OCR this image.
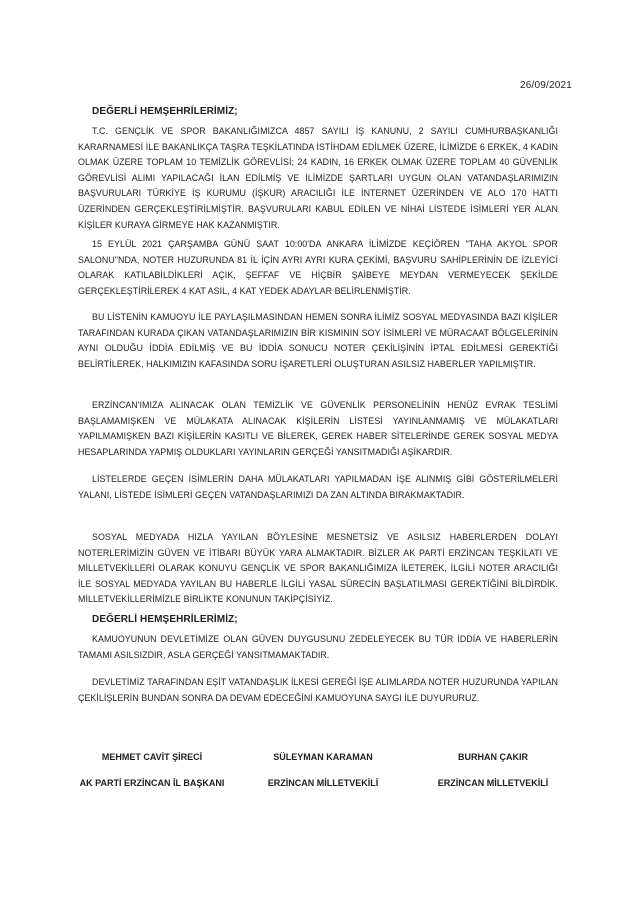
26/09/2021
DEĞERLİ HEMŞEHRİLERİMİZ;
T.C. GENÇLİK VE SPOR BAKANLIĞIMIZCA 4857 SAYILI İŞ KANUNU, 2 SAYILI CUMHURBAŞKANLIĞI KARARNAMESİ İLE BAKANLIKÇA TAŞRA TEŞKİLATINDA İSTİHDAM EDİLMEK ÜZERE, İLİMİZDE 6 ERKEK, 4 KADIN OLMAK ÜZERE TOPLAM 10 TEMİZLİK GÖREVLİSİ; 24 KADIN, 16 ERKEK OLMAK ÜZERE TOPLAM 40 GÜVENLİK GÖREVLİSİ ALIMI YAPILACAĞI İLAN EDİLMİŞ VE İLİMİZDE ŞARTLARI UYGUN OLAN VATANDAŞLARIMIZIN BAŞVURULARI TÜRKİYE İŞ KURUMU (İŞKUR) ARACILIĞI İLE İNTERNET ÜZERİNDEN VE ALO 170 HATTI ÜZERİNDEN GERÇEKLEŞTİRİLMİŞTİR. BAŞVURULARI KABUL EDİLEN VE NİHAİ LİSTEDE İSİMLERİ YER ALAN KİŞİLER KURAYA GİRMEYE HAK KAZANMIŞTIR.
15 EYLÜL 2021 ÇARŞAMBA GÜNÜ SAAT 10:00'DA ANKARA İLİMİZDE KEÇİÖREN "TAHA AKYOL SPOR SALONU"NDA, NOTER HUZURUNDA 81 İL İÇİN AYRI AYRI KURA ÇEKİMİ, BAŞVURU SAHİPLERİNİN DE İZLEYİCİ OLARAK KATILABİLDİKLERİ AÇIK, ŞEFFAF VE HİÇBİR ŞAİBEYE MEYDAN VERMEYECEK ŞEKİLDE GERÇEKLEŞTİRİLEREK 4 KAT ASIL, 4 KAT YEDEK ADAYLAR BELİRLENMİŞTİR.
BU LİSTENİN KAMUOYU İLE PAYLAŞILMASINDAN HEMEN SONRA İLİMİZ SOSYAL MEDYASINDA BAZI KİŞİLER TARAFINDAN KURADA ÇIKAN VATANDAŞLARIMIZIN BİR KISMININ SOY İSİMLERİ VE MÜRACAAT BÖLGELERİNİN AYNI OLDUĞU İDDİA EDİLMİŞ VE BU İDDİA SONUCU NOTER ÇEKİLİŞİNİN İPTAL EDİLMESİ GEREKTİĞİ BELİRTİLEREK, HALKIMIZIN KAFASINDA SORU İŞARETLERİ OLUŞTURAN ASILSIZ HABERLER YAPILMIŞTIR.
ERZİNCAN'IMIZA ALINACAK OLAN TEMİZLİK VE GÜVENLİK PERSONELİNİN HENÜZ EVRAK TESLİMİ BAŞLAMAMIŞKEN VE MÜLAKATA ALINACAK KİŞİLERİN LİSTESİ YAYINLANMAMIŞ VE MÜLAKATLARI YAPILMAMIŞKEN BAZI KİŞİLERİN KASITLI VE BİLEREK, GEREK HABER SİTELERİNDE GEREK SOSYAL MEDYA HESAPLARINDA YAPMIŞ OLDUKLARI YAYINLARIN GERÇEĞİ YANSITMADIĞI AŞİKARDIR.
LİSTELERDE GEÇEN İSİMLERİN DAHA MÜLAKATLARI YAPILMADAN İŞE ALINMIŞ GİBİ GÖSTERİLMELERİ YALANI, LİSTEDE İSİMLERİ GEÇEN VATANDAŞLARIMIZI DA ZAN ALTINDA BIRAKMAKTADIR.
SOSYAL MEDYADA HIZLA YAYILAN BÖYLESİNE MESNETSİZ VE ASILSIZ HABERLERDEN DOLAYI NOTERLERİMİZİN GÜVEN VE İTİBARI BÜYÜK YARA ALMAKTADIR. BİZLER AK PARTİ ERZİNCAN TEŞKİLATI VE MİLLETVEKİLLERİ OLARAK KONUYU GENÇLİK VE SPOR BAKANLIĞIMIZA İLETEREK, İLGİLİ NOTER ARACILIĞI İLE SOSYAL MEDYADA YAYILAN BU HABERLE İLGİLİ YASAL SÜRECİN BAŞLATILMASI GEREKTİĞİNİ BİLDİRDİK. MİLLETVEKİLLERİMİZLE BİRLİKTE KONUNUN TAKİPÇİSİYİZ.
DEĞERLİ HEMŞEHRİLERİMİZ;
KAMUOYUNUN DEVLETİMİZE OLAN GÜVEN DUYGUSUNU ZEDELEYECEK BU TÜR İDDİA VE HABERLERİN TAMAMI ASILSIZDIR, ASLA GERÇEĞİ YANSITMAMAKTADIR.
DEVLETİMİZ TARAFINDAN EŞİT VATANDAŞLIK İLKESİ GEREĞİ İŞE ALIMLARDA NOTER HUZURUNDA YAPILAN ÇEKİLİŞLERİN BUNDAN SONRA DA DEVAM EDECEĞİNİ KAMUOYUNA SAYGI İLE DUYURURUZ.
MEHMET CAVİT ŞİRECİ
AK PARTİ ERZİNCAN İL BAŞKANI
SÜLEYMAN KARAMAN
ERZİNCAN MİLLETVEKİLİ
BURHAN ÇAKIR
ERZİNCAN MİLLETVEKİLİ
